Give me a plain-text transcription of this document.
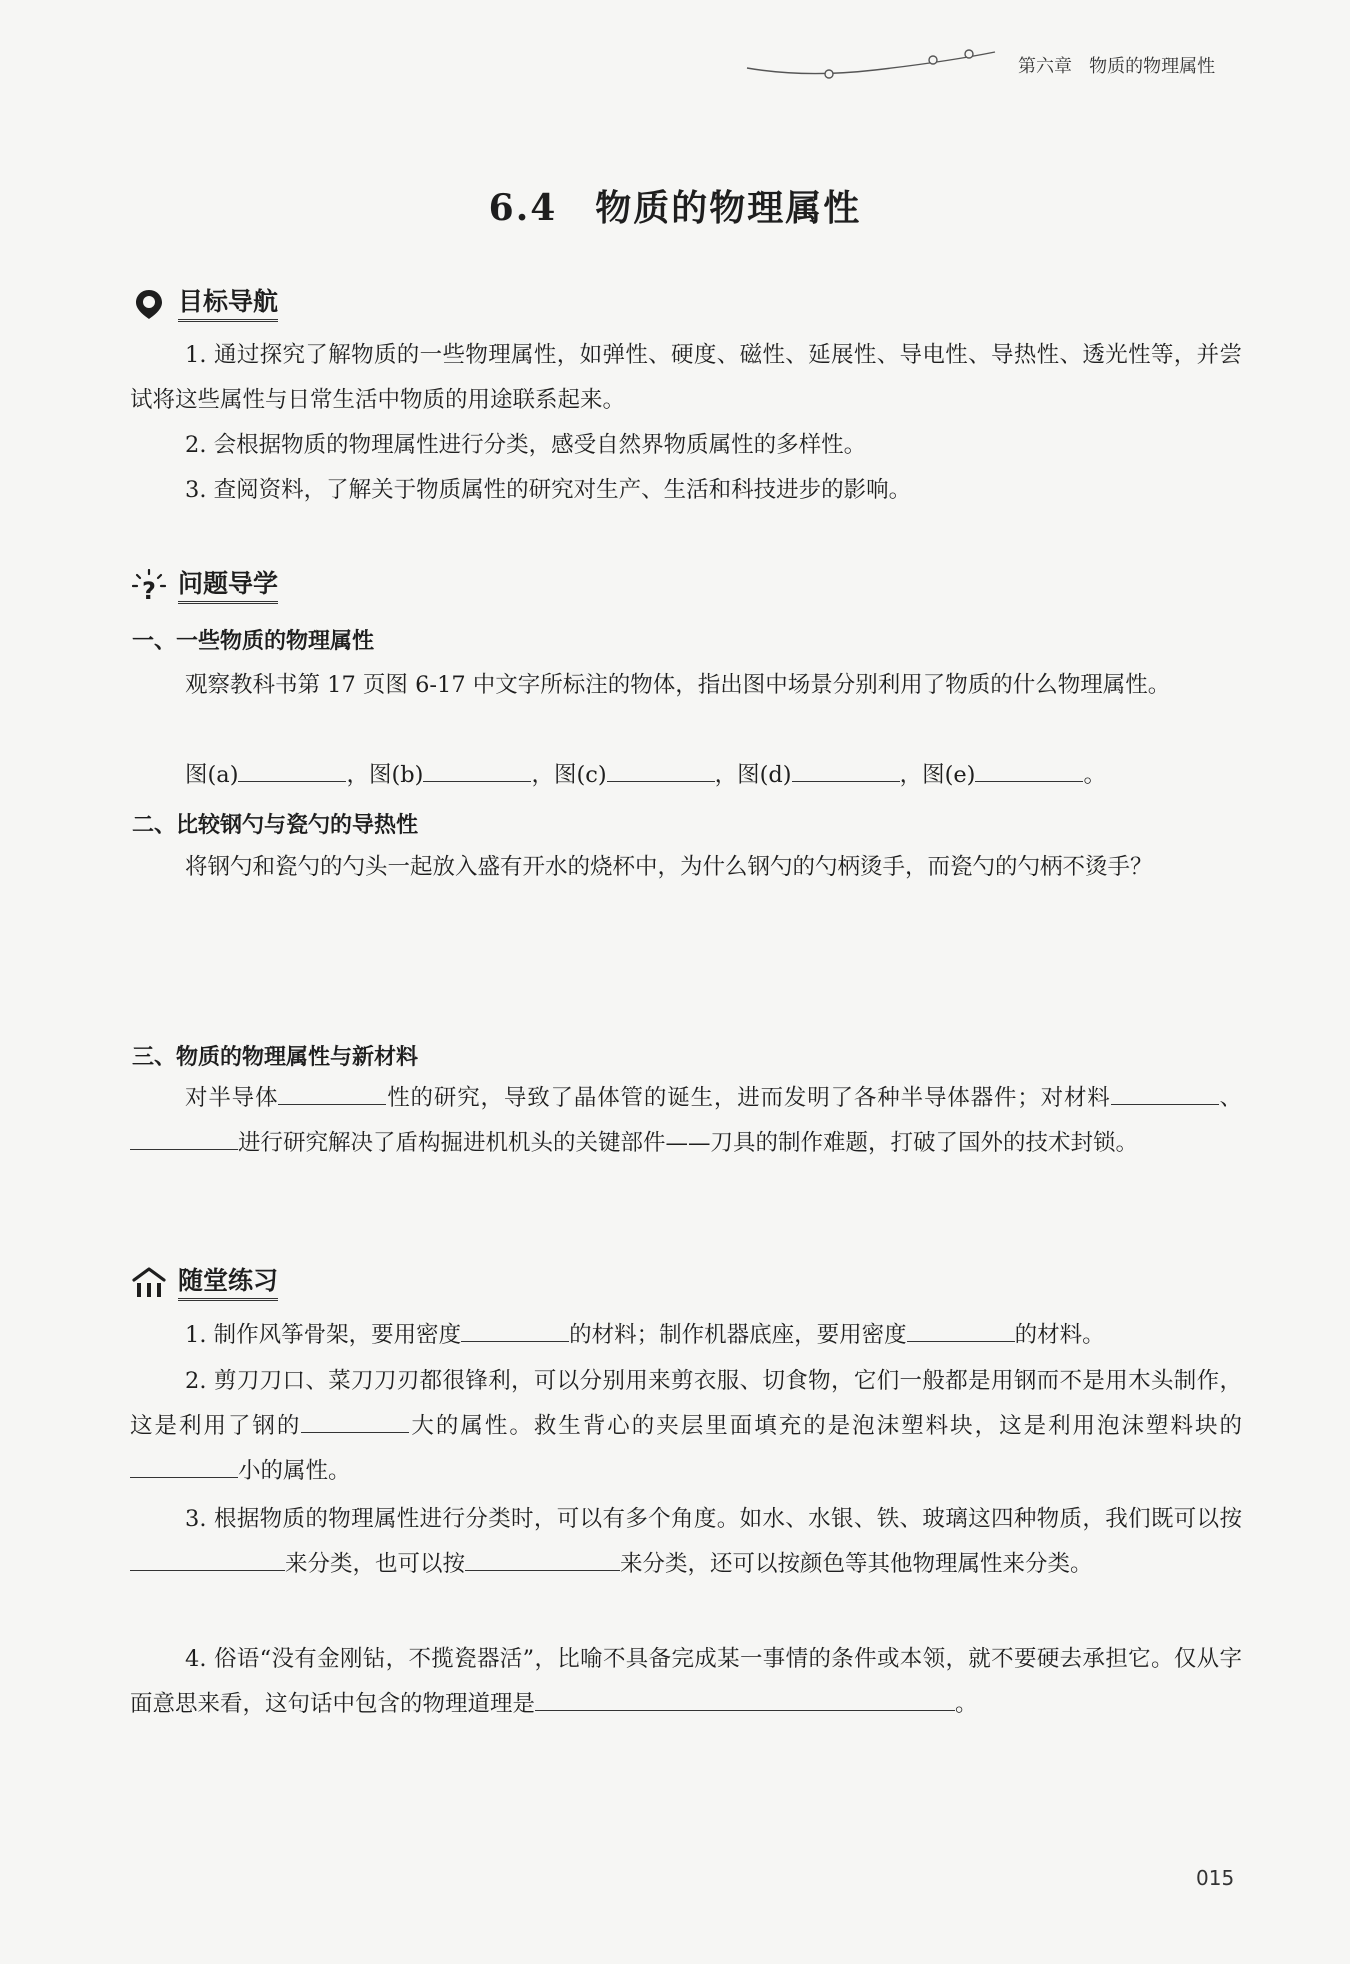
第六章 物质的物理属性
6.4　物质的物理属性
目标导航

1. 通过探究了解物质的一些物理属性，如弹性、硬度、磁性、延展性、导电性、导热性、透光性等，并尝试将这些属性与日常生活中物质的用途联系起来。

2. 会根据物质的物理属性进行分类，感受自然界物质属性的多样性。

3. 查阅资料，了解关于物质属性的研究对生产、生活和科技进步的影响。

? 问题导学

一、一些物质的物理属性

观察教科书第 17 页图 6-17 中文字所标注的物体，指出图中场景分别利用了物质的什么物理属性。

图(a)	，图(b)	，图(c)	，图(d)	，图(e)	。

二、比较钢勺与瓷勺的导热性

将钢勺和瓷勺的勺头一起放入盛有开水的烧杯中，为什么钢勺的勺柄烫手，而瓷勺的勺柄不烫手？

三、物质的物理属性与新材料

对半导体	性的研究，导致了晶体管的诞生，进而发明了各种半导体器件；对材料	、进行研究解决了盾构掘进机机头的关键部件——刀具的制作难题，打破了国外的技术封锁。

随堂练习

1. 制作风筝骨架，要用密度	的材料；制作机器底座，要用密度	的材料。

2. 剪刀刀口、菜刀刀刃都很锋利，可以分别用来剪衣服、切食物，它们一般都是用钢而不是用木头制作，这是利用了钢的	大的属性。救生背心的夹层里面填充的是泡沫塑料块，这是利用泡沫塑料块的小的属性。

3. 根据物质的物理属性进行分类时，可以有多个角度。如水、水银、铁、玻璃这四种物质，我们既可以按来分类，也可以按	来分类，还可以按颜色等其他物理属性来分类。

4. 俗语“没有金刚钻，不揽瓷器活”，比喻不具备完成某一事情的条件或本领，就不要硬去承担它。仅从字面意思来看，这句话中包含的物理道理是	。

015
